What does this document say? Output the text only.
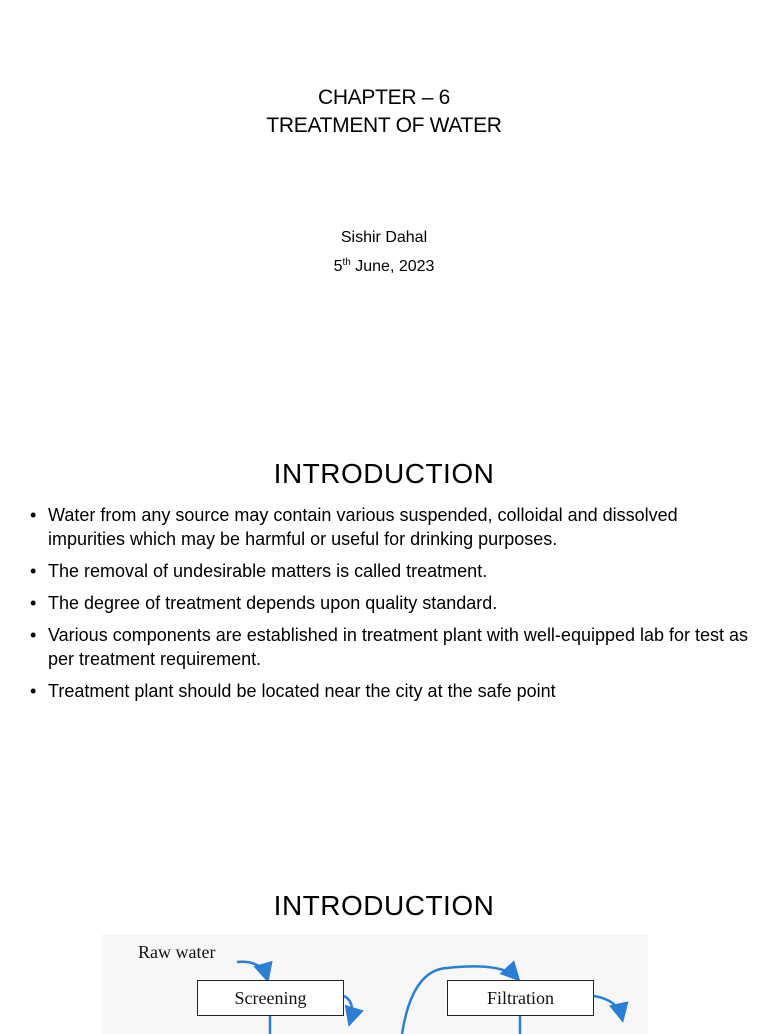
CHAPTER – 6
TREATMENT OF WATER
Sishir Dahal
5th June, 2023
INTRODUCTION
• Water from any source may contain various suspended, colloidal and dissolved impurities which may be harmful or useful for drinking purposes.
• The removal of undesirable matters is called treatment.
• The degree of treatment depends upon quality standard.
• Various components are established in treatment plant with well-equipped lab for test as per treatment requirement.
• Treatment plant should be located near the city at the safe point
INTRODUCTION
Raw water
Screening	Filtration
